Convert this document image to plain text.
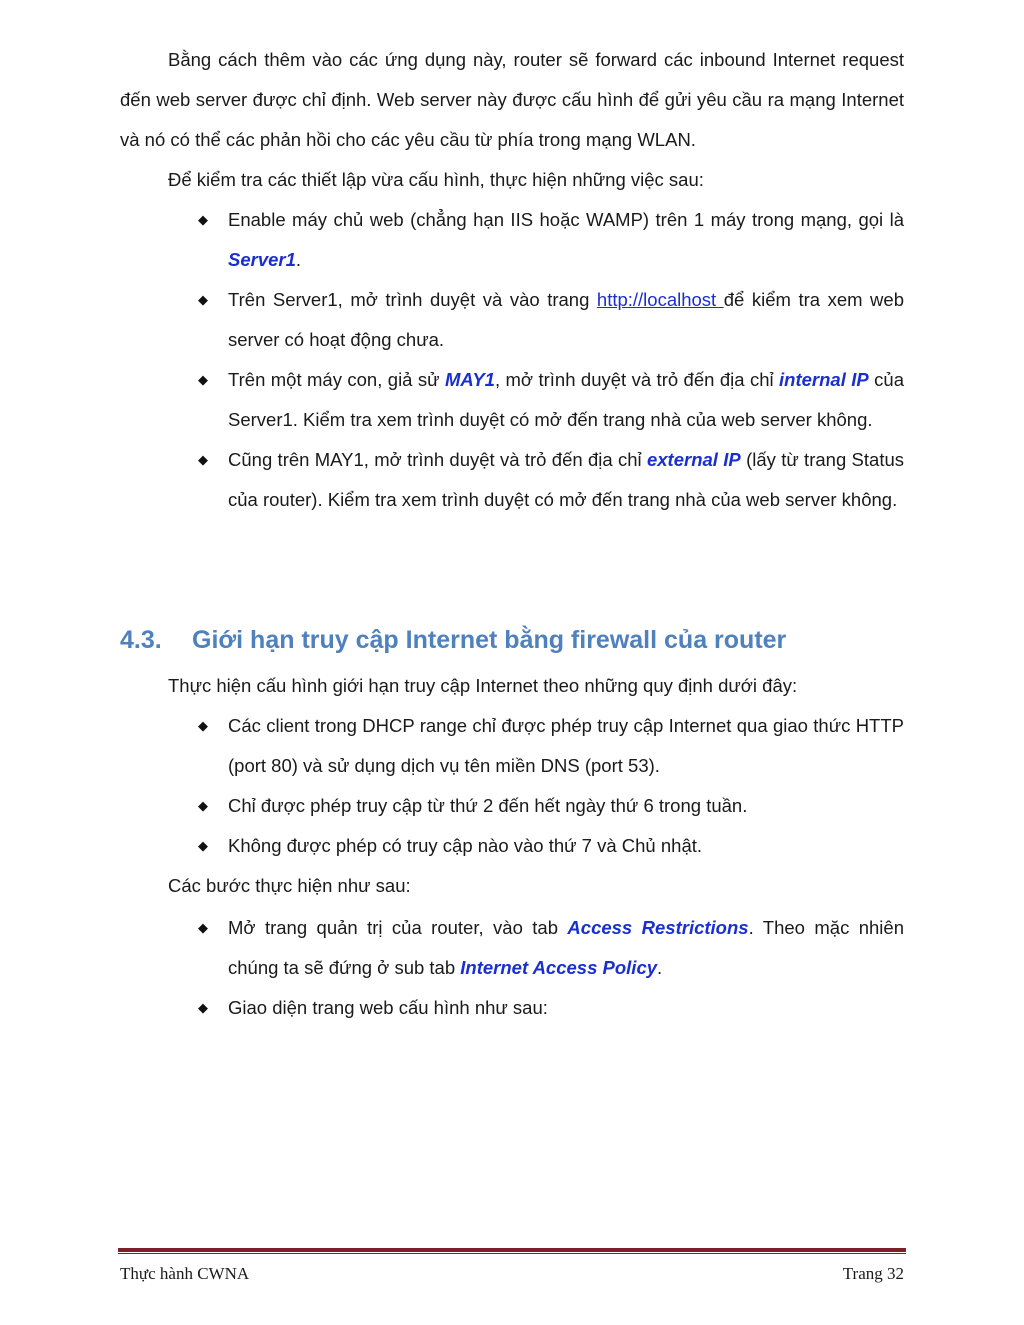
Bằng cách thêm vào các ứng dụng này, router sẽ forward các inbound Internet request đến web server được chỉ định. Web server này được cấu hình để gửi yêu cầu ra mạng Internet và nó có thể các phản hồi cho các yêu cầu từ phía trong mạng WLAN.

Để kiểm tra các thiết lập vừa cấu hình, thực hiện những việc sau:

◆ Enable máy chủ web (chẳng hạn IIS hoặc WAMP) trên 1 máy trong mạng, gọi là Server1.
◆ Trên Server1, mở trình duyệt và vào trang http://localhost để kiểm tra xem web server có hoạt động chưa.
◆ Trên một máy con, giả sử MAY1, mở trình duyệt và trỏ đến địa chỉ internal IP của Server1. Kiểm tra xem trình duyệt có mở đến trang nhà của web server không.
◆ Cũng trên MAY1, mở trình duyệt và trỏ đến địa chỉ external IP (lấy từ trang Status của router). Kiểm tra xem trình duyệt có mở đến trang nhà của web server không.
4.3. Giới hạn truy cập Internet bằng firewall của router

Thực hiện cấu hình giới hạn truy cập Internet theo những quy định dưới đây:

◆ Các client trong DHCP range chỉ được phép truy cập Internet qua giao thức HTTP (port 80) và sử dụng dịch vụ tên miền DNS (port 53).
◆ Chỉ được phép truy cập từ thứ 2 đến hết ngày thứ 6 trong tuần.
◆ Không được phép có truy cập nào vào thứ 7 và Chủ nhật.

Các bước thực hiện như sau:

◆ Mở trang quản trị của router, vào tab Access Restrictions. Theo mặc nhiên chúng ta sẽ đứng ở sub tab Internet Access Policy.
◆ Giao diện trang web cấu hình như sau:
Thực hành CWNA	Trang 32
